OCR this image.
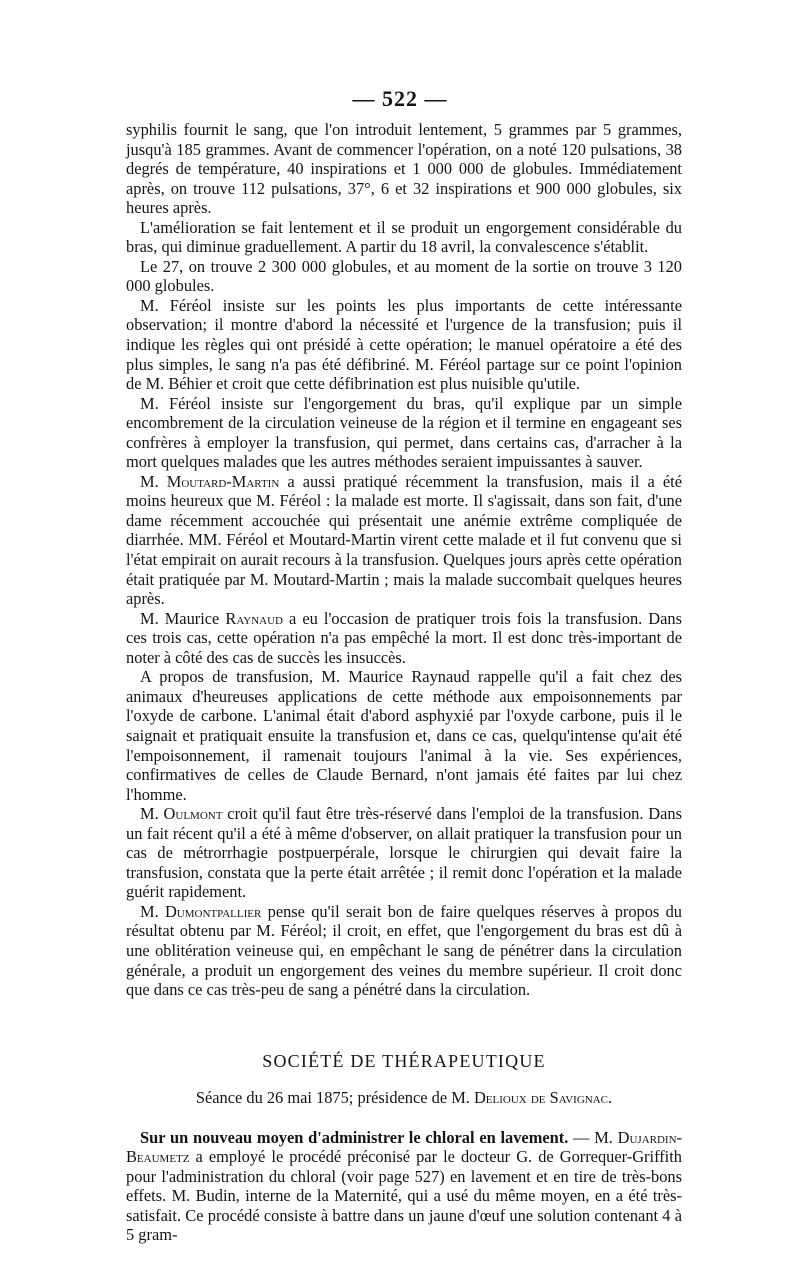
— 522 —

syphilis fournit le sang, que l'on introduit lentement, 5 grammes par 5 grammes, jusqu'à 185 grammes. Avant de commencer l'opération, on a noté 120 pulsations, 38 degrés de température, 40 inspirations et 1 000 000 de globules. Immédiatement après, on trouve 112 pulsations, 37°, 6 et 32 inspirations et 900 000 globules, six heures après.

L'amélioration se fait lentement et il se produit un engorgement considérable du bras, qui diminue graduellement. A partir du 18 avril, la convalescence s'établit.

Le 27, on trouve 2 300 000 globules, et au moment de la sortie on trouve 3 120 000 globules.

M. Féréol insiste sur les points les plus importants de cette intéressante observation; il montre d'abord la nécessité et l'urgence de la transfusion; puis il indique les règles qui ont présidé à cette opération; le manuel opératoire a été des plus simples, le sang n'a pas été défibriné. M. Féréol partage sur ce point l'opinion de M. Béhier et croit que cette défibrination est plus nuisible qu'utile.

M. Féréol insiste sur l'engorgement du bras, qu'il explique par un simple encombrement de la circulation veineuse de la région et il termine en engageant ses confrères à employer la transfusion, qui permet, dans certains cas, d'arracher à la mort quelques malades que les autres méthodes seraient impuissantes à sauver.

M. Moutard-Martin a aussi pratiqué récemment la transfusion, mais il a été moins heureux que M. Féréol : la malade est morte. Il s'agissait, dans son fait, d'une dame récemment accouchée qui présentait une anémie extrême compliquée de diarrhée. MM. Féréol et Moutard-Martin virent cette malade et il fut convenu que si l'état empirait on aurait recours à la transfusion. Quelques jours après cette opération était pratiquée par M. Moutard-Martin ; mais la malade succombait quelques heures après.

M. Maurice Raynaud a eu l'occasion de pratiquer trois fois la transfusion. Dans ces trois cas, cette opération n'a pas empêché la mort. Il est donc très-important de noter à côté des cas de succès les insuccès.

A propos de transfusion, M. Maurice Raynaud rappelle qu'il a fait chez des animaux d'heureuses applications de cette méthode aux empoisonnements par l'oxyde de carbone. L'animal était d'abord asphyxié par l'oxyde carbone, puis il le saignait et pratiquait ensuite la transfusion et, dans ce cas, quelqu'intense qu'ait été l'empoisonnement, il ramenait toujours l'animal à la vie. Ses expériences, confirmatives de celles de Claude Bernard, n'ont jamais été faites par lui chez l'homme.

M. Oulmont croit qu'il faut être très-réservé dans l'emploi de la transfusion. Dans un fait récent qu'il a été à même d'observer, on allait pratiquer la transfusion pour un cas de métrorrhagie postpuerpérale, lorsque le chirurgien qui devait faire la transfusion, constata que la perte était arrêtée ; il remit donc l'opération et la malade guérit rapidement.

M. Dumontpallier pense qu'il serait bon de faire quelques réserves à propos du résultat obtenu par M. Féréol; il croit, en effet, que l'engorgement du bras est dû à une oblitération veineuse qui, en empêchant le sang de pénétrer dans la circulation générale, a produit un engorgement des veines du membre supérieur. Il croit donc que dans ce cas très-peu de sang a pénétré dans la circulation.

SOCIÉTÉ DE THÉRAPEUTIQUE
Séance du 26 mai 1875; présidence de M. Delioux de Savignac.

Sur un nouveau moyen d'administrer le chloral en lavement. — M. Dujardin-Beaumetz a employé le procédé préconisé par le docteur G. de Gorrequer-Griffith pour l'administration du chloral (voir page 527) en lavement et en tire de très-bons effets. M. Budin, interne de la Maternité, qui a usé du même moyen, en a été très-satisfait. Ce procédé consiste à battre dans un jaune d'œuf une solution contenant 4 à 5 gram-
